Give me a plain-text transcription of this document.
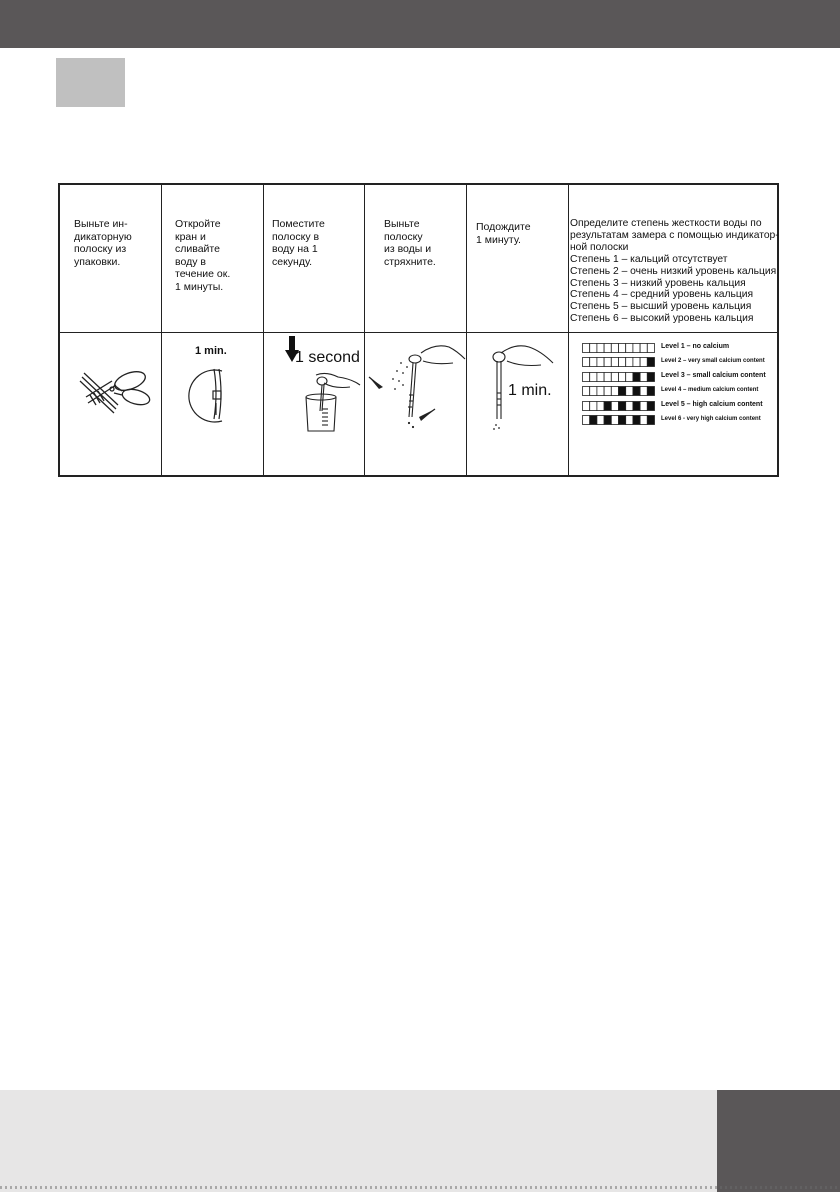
Выньте ин-
дикаторную
полоску из
упаковки.
Откройте
кран и
сливайте
воду в
течение ок.
1 минуты.
Поместите
полоску в
воду на 1
секунду.
Выньте
полоску
из воды и
стряхните.
Подождите
1 минуту.
Определите степень жесткости воды по
результатам замера с помощью индикатор-
ной полоски
Степень 1 – кальций отсутствует
Степень 2 – очень низкий уровень кальция
Степень 3 – низкий уровень кальция
Степень 4 – средний уровень кальция
Степень 5 – высший уровень кальция
Степень 6 – высокий уровень кальция
1 min.	1 second
1 min.
Level 1 – no calcium
Level 2 – very small calcium content
Level 3 – small calcium content
Level 4 – medium calcium content
Level 5 – high calcium content
Level 6 - very high calcium content
